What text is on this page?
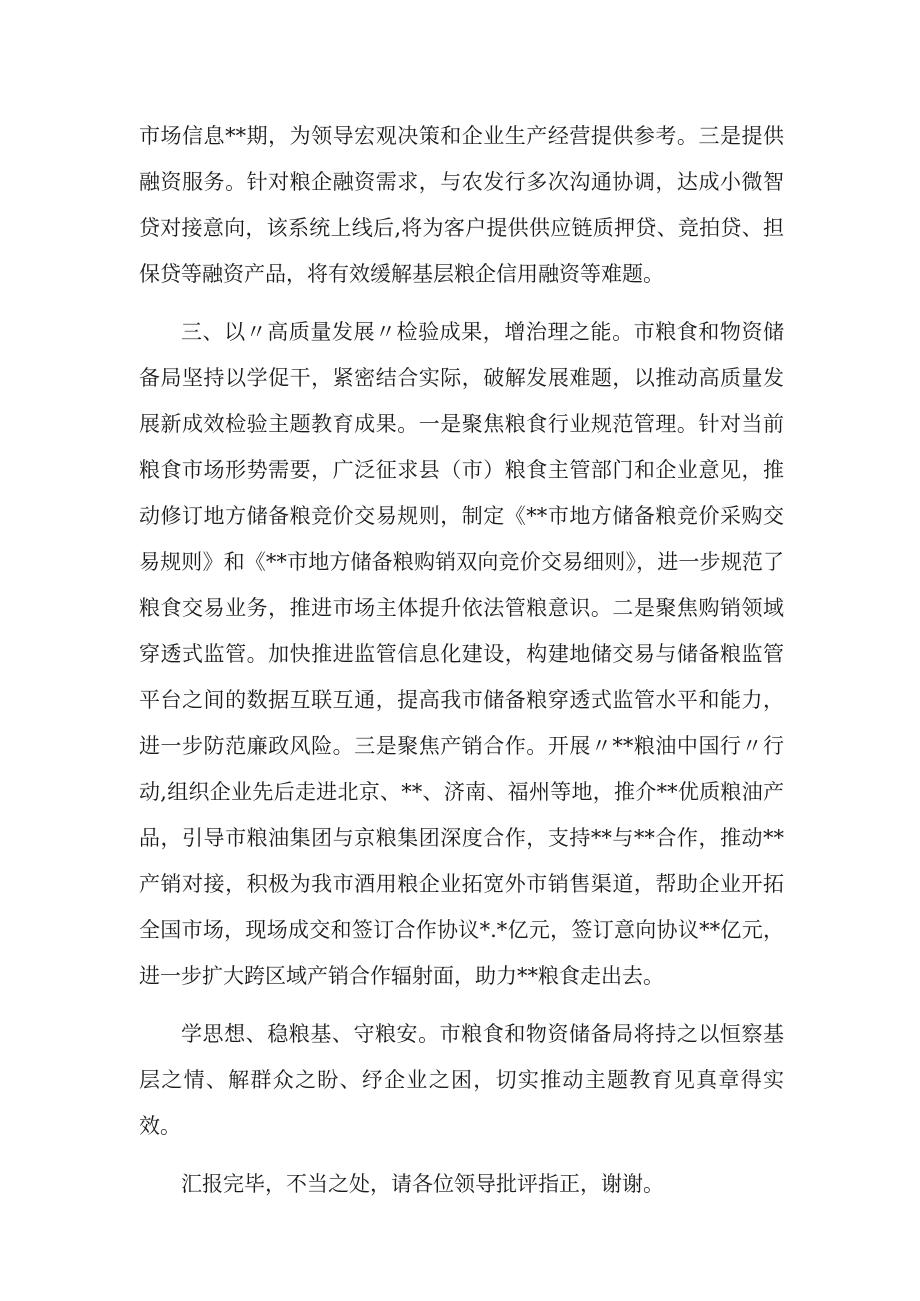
市场信息**期，为领导宏观决策和企业生产经营提供参考。三是提供融资服务。针对粮企融资需求，与农发行多次沟通协调，达成小微智贷对接意向，该系统上线后,将为客户提供供应链质押贷、竞拍贷、担保贷等融资产品，将有效缓解基层粮企信用融资等难题。

三、以〃高质量发展〃检验成果，增治理之能。市粮食和物资储备局坚持以学促干，紧密结合实际，破解发展难题，以推动高质量发展新成效检验主题教育成果。一是聚焦粮食行业规范管理。针对当前粮食市场形势需要，广泛征求县（市）粮食主管部门和企业意见，推动修订地方储备粮竞价交易规则，制定《**市地方储备粮竞价采购交易规则》和《**市地方储备粮购销双向竞价交易细则》，进一步规范了粮食交易业务，推进市场主体提升依法管粮意识。二是聚焦购销领域穿透式监管。加快推进监管信息化建设，构建地储交易与储备粮监管平台之间的数据互联互通，提高我市储备粮穿透式监管水平和能力，进一步防范廉政风险。三是聚焦产销合作。开展〃**粮油中国行〃行动,组织企业先后走进北京、**、济南、福州等地，推介**优质粮油产品，引导市粮油集团与京粮集团深度合作，支持**与**合作，推动**产销对接，积极为我市酒用粮企业拓宽外市销售渠道，帮助企业开拓全国市场，现场成交和签订合作协议*.*亿元，签订意向协议**亿元，进一步扩大跨区域产销合作辐射面，助力**粮食走出去。

学思想、稳粮基、守粮安。市粮食和物资储备局将持之以恒察基层之情、解群众之盼、纾企业之困，切实推动主题教育见真章得实效。

汇报完毕，不当之处，请各位领导批评指正，谢谢。
